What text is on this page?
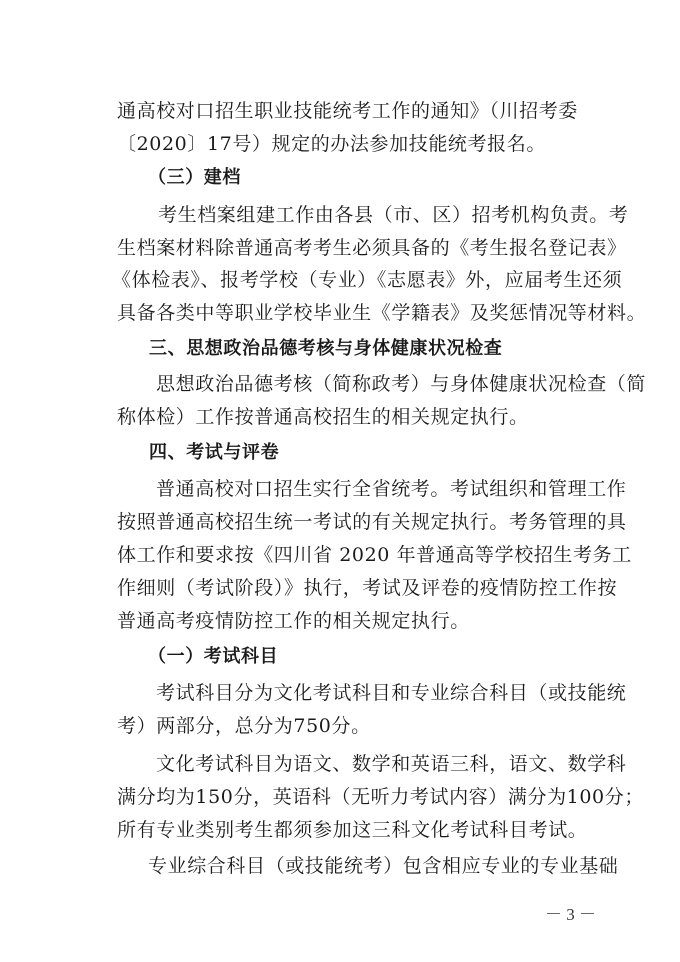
通高校对口招生职业技能统考工作的通知》（川招考委
〔2020〕17号）规定的办法参加技能统考报名。
（三）建档
考生档案组建工作由各县（市、区）招考机构负责。考
生档案材料除普通高考考生必须具备的《考生报名登记表》
《体检表》、报考学校（专业）《志愿表》外，应届考生还须
具备各类中等职业学校毕业生《学籍表》及奖惩情况等材料。
三、思想政治品德考核与身体健康状况检查
思想政治品德考核（简称政考）与身体健康状况检查（简
称体检）工作按普通高校招生的相关规定执行。
四、考试与评卷
普通高校对口招生实行全省统考。考试组织和管理工作
按照普通高校招生统一考试的有关规定执行。考务管理的具
体工作和要求按《四川省 2020 年普通高等学校招生考务工
作细则（考试阶段）》执行，考试及评卷的疫情防控工作按
普通高考疫情防控工作的相关规定执行。
（一）考试科目
考试科目分为文化考试科目和专业综合科目（或技能统
考）两部分，总分为750分。
文化考试科目为语文、数学和英语三科，语文、数学科
满分均为150分，英语科（无听力考试内容）满分为100分；
所有专业类别考生都须参加这三科文化考试科目考试。
专业综合科目（或技能统考）包含相应专业的专业基础
－ 3 －
